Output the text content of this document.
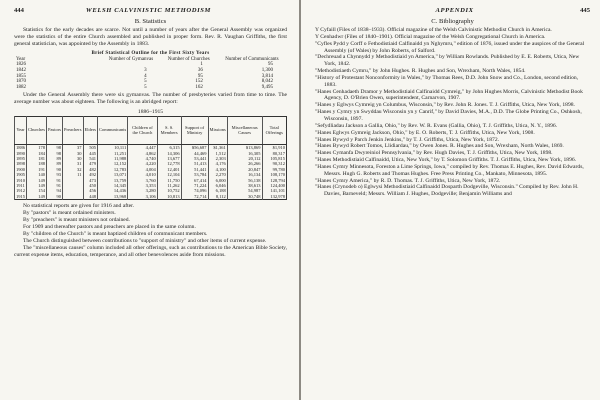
444	WELSH CALVINISTIC METHODISM
B. Statistics

Statistics for the early decades are scarce. Not until a number of years after the General Assembly was organized were the statistics of the entire Church assembled and published in proper form. Rev. R. Vaughan Griffiths, the first general statistician, was appointed by the Assembly in 1883.

Brief Statistical Outline for the First Sixty Years
Year	Number of Gymanvas	Number of Churches	Number of Communicants
1826		1	95
1842	3	36	1,300
1855	4	95	3,814
1870	5	152	8,042
1882	5	162	9,495

Under the General Assembly there were six gymanvas. The number of presbyteries varied from time to time. The average number was about eighteen. The following is an abridged report:

1886–1915
Year	Churches	Pastors	Preachers	Elders	Communicants	Children of the Church	S. S. Members	Support of Ministry	Missions	Miscellaneous Causes	Total Offerings
1886	178	98	37	505	10,111	4,447	6,315	$56,687	$1,361	$13,869	$1,910
1890	184	98	30	445	11,251	4,862	14,306	44,469	1,512	16,305	80,317
1895	181	89	30	541	11,988	4,740	13,677	53,441	2,303	20,112	105,815
1898	188	89	31	479	12,152	4,220	12,778	51,413	4,176	26,266	90,312
1900	191	90	32	482	12,783	4,004	12,401	51,441	4,100	20,847	99,780
1905	140	93	11	492	13,071	4,010	12,104	53,784	2,270	16,134	108,170
1910	149	91		473	13,759	3,760	11,750	67,414	6,000	56,138	128,794
1911	149	91		450	14,345	3,353	11,262	71,224	6,046	38,613	124,400
1912	154	94		456	14,436	3,280	10,752	74,096	6,188	54,987	141,101
1915	149	90		448	13,968	3,106	10,813	72,714	8,112	30,748	132,978

No statistical reports are given for 1916 and after.

By "pastors" is meant ordained ministers.

By "preachers" is meant ministers not ordained.

For 1909 and thereafter pastors and preachers are placed in the same column.

By "children of the Church" is meant baptized children of communicant members.

The Church distinguished between contributions to "support of ministry" and other items of current expense.

The "miscellaneous causes" column included all other offerings, such as contributions to the American Bible Society, current expense items, education, temperance, and all other benevolences aside from missions.

APPENDIX	445
C. Bibliography

Y Cyfaill (Files of 1838–1933). Official magazine of the Welsh Calvinistic Methodist Church in America.

Y Cenhadwr (Files of 1840–1901). Official magazine of the Welsh Congregational Church in America.

"Cyfles Pydd y Corff o Fethodistiaid Calfinaidd yn Nghymru," edition of 1876, issued under the auspices of the General Assembly (of Wales) by John Roberts, of Salford.

"Dechreuad a Chynnydd y Methodistiaid yn America," by William Rowlands. Published by E. E. Roberts, Utica, New York, 1842.

"Methodistiaeth Cymru," by John Hughes. R. Hughes and Son, Wrexham, North Wales, 1854.

"History of Protestant Nonconformity in Wales," by Thomas Rees, D.D. John Snow and Co., London, second edition, 1883.

"Hanes Cenhadaeth Dramor y Methodistiaid Calfinaidd Cymreig," by John Hughes Morris, Calvinistic Methodist Book Agency, D. O'Brien Owen, superintendent, Carnarvon, 1907.

"Hanes y Eglwys Cymreig yn Columbus, Wisconsin," by Rev. John R. Jones. T. J. Griffiths, Utica, New York, 1898.

"Hanes y Cymry yn Swyddau Wisconsin yn y Canrif," by David Davies, M.A., D.D. The Globe Printing Co., Oshkosh, Wisconsin, 1897.

"Sefydliadau Jackson a Gallia, Ohio," by Rev. W. R. Evans (Gallia, Ohio), T. J. Griffiths, Utica, N. Y., 1896.

"Hanes Eglwys Gymreig Jackson, Ohio," by E. O. Roberts, T. J. Griffiths, Utica, New York, 1908.

"Hanes Bywyd y Parch Jenkin Jenkins," by T. J. Griffiths, Utica, New York, 1872.

"Hanes Bywyd Robert Tomos, Llidiardau," by Owen Jones. R. Hughes and Son, Wrexham, North Wales, 1869.

"Hanes Cymanfa Dwyreiniol Pennsylvania," by Rev. Hugh Davies, T. J. Griffiths, Utica, New York, 1898.

"Hanes Methodistiaid Calfinaidd, Utica, New York," by T. Solomon Griffiths. T. J. Griffiths, Utica, New York, 1896.

"Hanes Cymry Minnesota, Foreston a Lime Springs, Iowa," compiled by Rev. Thomas E. Hughes, Rev. David Edwards, Messrs. Hugh G. Roberts and Thomas Hughes. Free Press Printing Co., Mankato, Minnesota, 1895.

"Hanes Cymry America," by R. D. Thomas. T. J. Griffiths, Utica, New York, 1872.

"Hanes (Crynodeb o) Eglwysi Methodistiaid Calfinaidd Dosparth Dodgeville, Wisconsin." Compiled by Rev. John H. Davies, Barneveld; Messrs. William J. Hughes, Dodgeville; Benjamin Williams and
